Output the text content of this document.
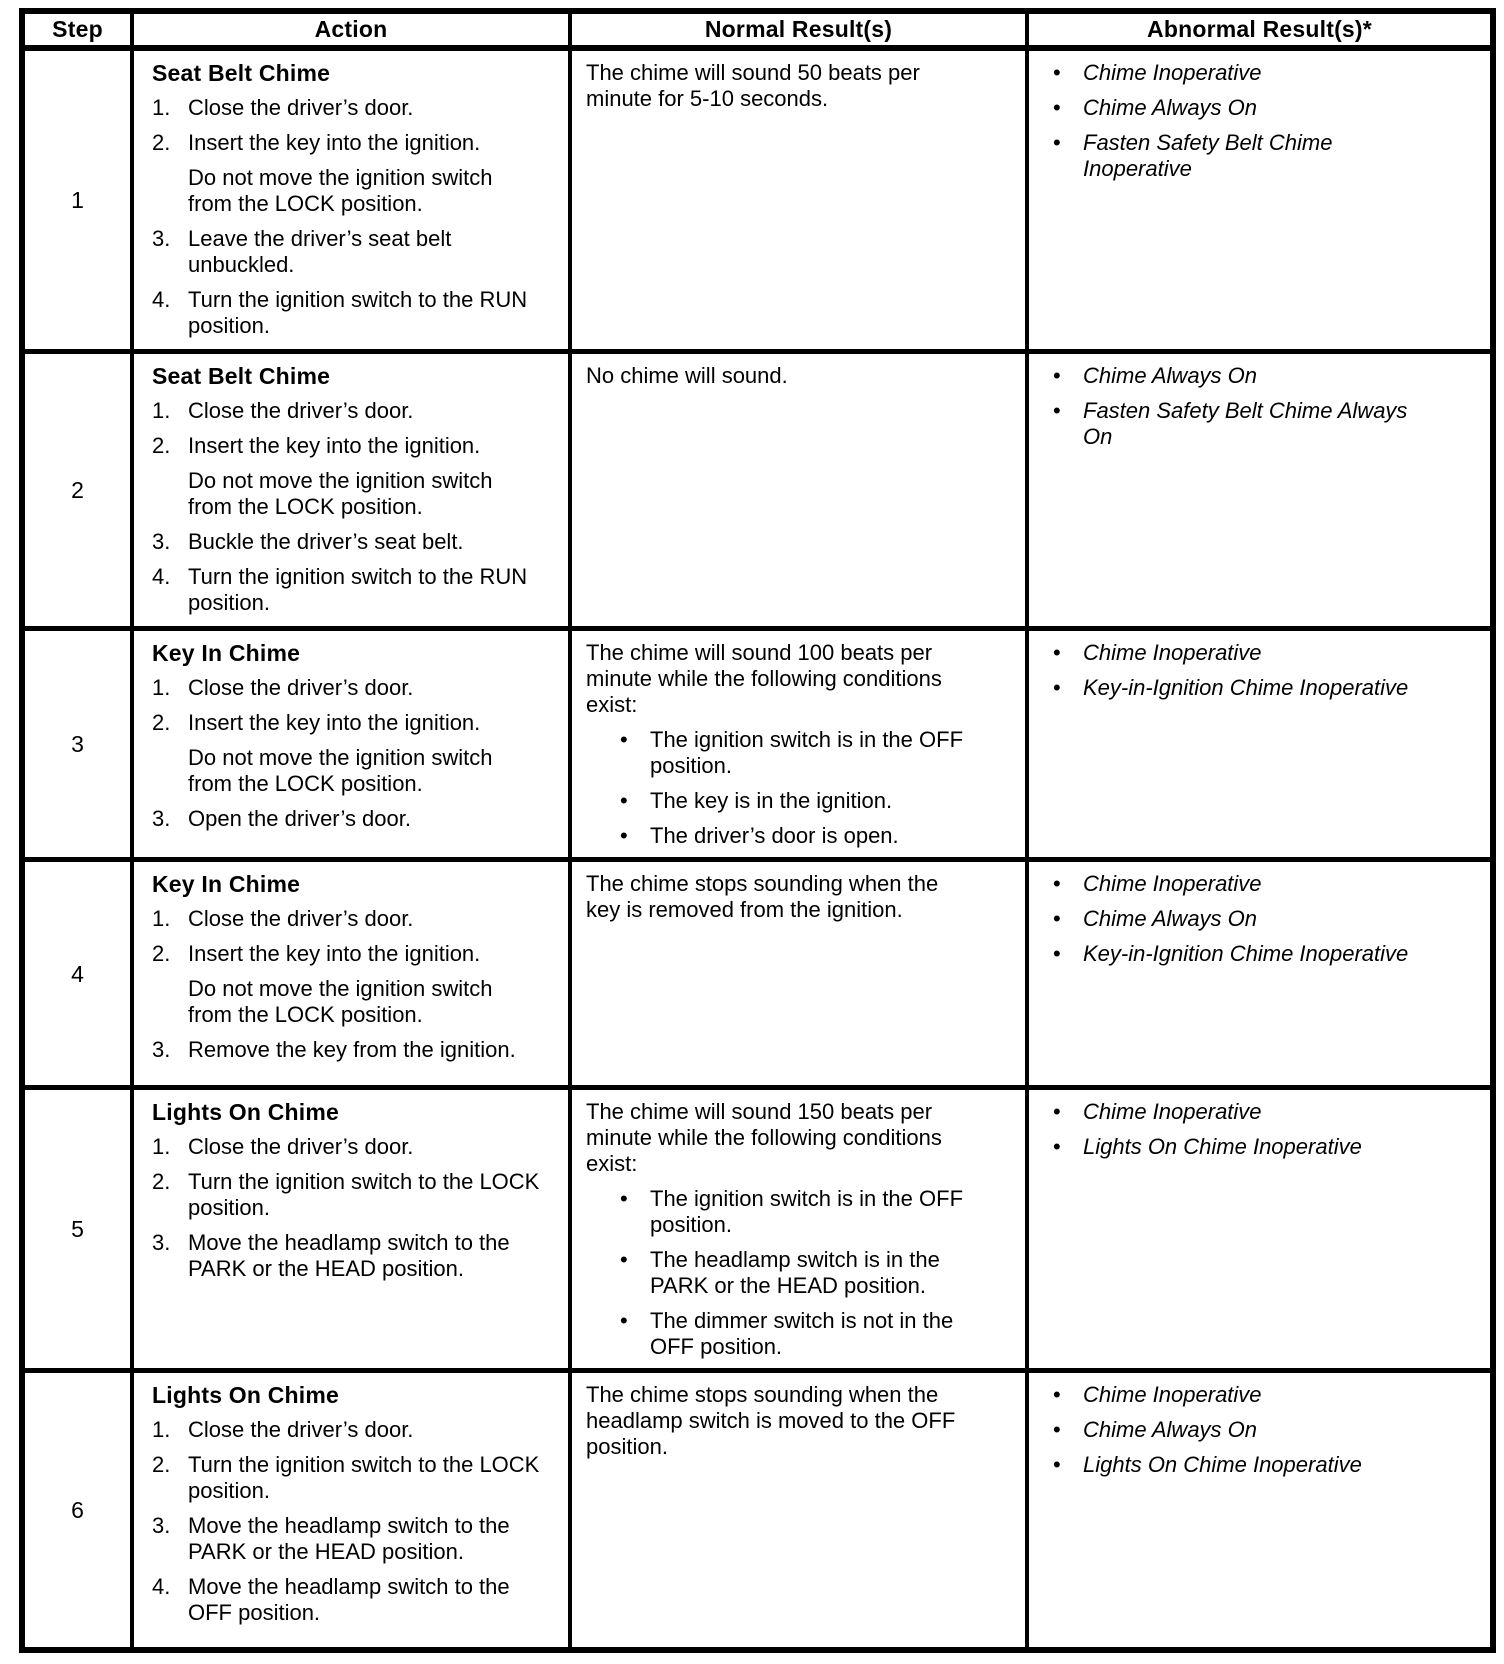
Step	Action	Normal Result(s)	Abnormal Result(s)*
1	
Seat Belt Chime
1. Close the driver’s door.
2. Insert the key into the ignition.
Do not move the ignition switch from the LOCK position.
3. Leave the driver’s seat belt unbuckled.
4. Turn the ignition switch to the RUN position.

The chime will sound 50 beats per minute for 5-10 seconds.

•	Chime Inoperative
•	Chime Always On
•	Fasten Safety Belt Chime Inoperative

2	
Seat Belt Chime
1. Close the driver’s door.
2. Insert the key into the ignition.
Do not move the ignition switch from the LOCK position.
3. Buckle the driver’s seat belt.
4. Turn the ignition switch to the RUN position.

No chime will sound.	•	Chime Always On
•	Fasten Safety Belt Chime Always On

3	
Key In Chime
1. Close the driver’s door.
2. Insert the key into the ignition.
Do not move the ignition switch from the LOCK position.
3. Open the driver’s door.

The chime will sound 100 beats per minute while the following conditions exist:
•	The ignition switch is in the OFF position.
•	The key is in the ignition.
•	The driver’s door is open.

•	Chime Inoperative
•	Key-in-Ignition Chime Inoperative

4	
Key In Chime
1. Close the driver’s door.
2. Insert the key into the ignition.
Do not move the ignition switch from the LOCK position.
3. Remove the key from the ignition.

The chime stops sounding when the key is removed from the ignition.

•	Chime Inoperative
•	Chime Always On
•	Key-in-Ignition Chime Inoperative

5	
Lights On Chime
1. Close the driver’s door.
2. Turn the ignition switch to the LOCK position.
3. Move the headlamp switch to the PARK or the HEAD position.

The chime will sound 150 beats per minute while the following conditions exist:
•	The ignition switch is in the OFF position.
•	The headlamp switch is in the PARK or the HEAD position.
•	The dimmer switch is not in the OFF position.

•	Chime Inoperative
•	Lights On Chime Inoperative

6	
Lights On Chime
1. Close the driver’s door.
2. Turn the ignition switch to the LOCK position.
3. Move the headlamp switch to the PARK or the HEAD position.
4. Move the headlamp switch to the OFF position.

The chime stops sounding when the headlamp switch is moved to the OFF position.

•	Chime Inoperative
•	Chime Always On
•	Lights On Chime Inoperative
